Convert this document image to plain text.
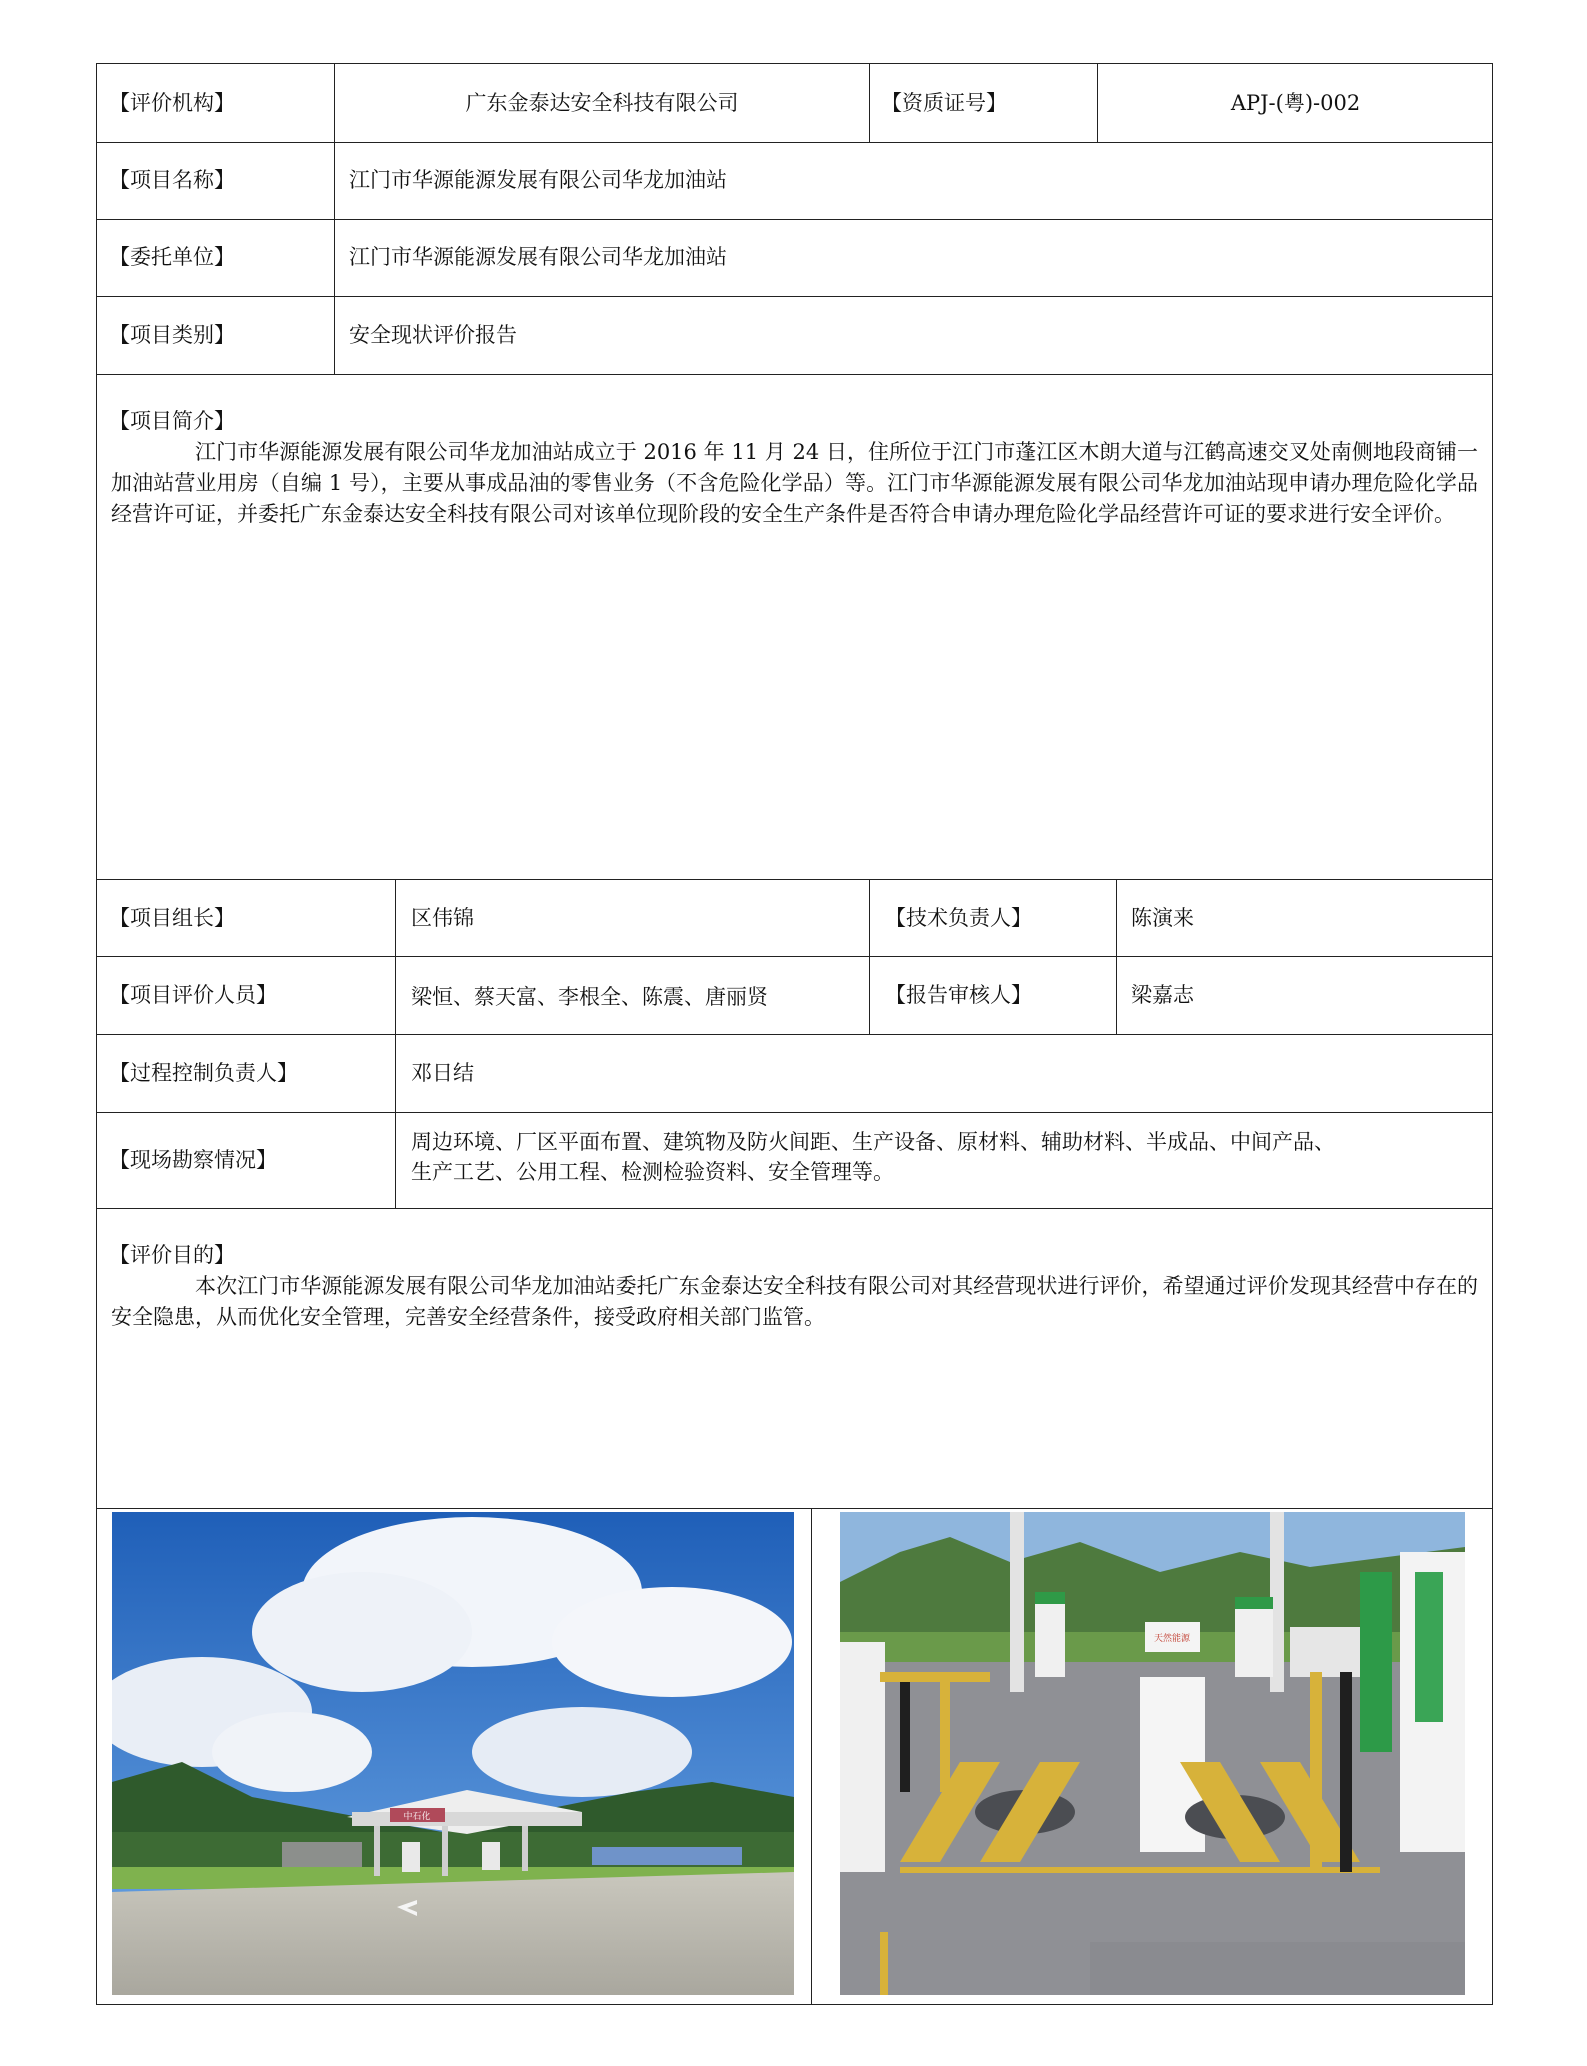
【评价机构】	广东金泰达安全科技有限公司	【资质证号】	APJ-(粤)-002
【项目名称】	江门市华源能源发展有限公司华龙加油站
【委托单位】	江门市华源能源发展有限公司华龙加油站
【项目类别】	安全现状评价报告
【项目简介】
江门市华源能源发展有限公司华龙加油站成立于 2016 年 11 月 24 日，住所位于江门市蓬江区木朗大道与江鹤高速交叉处南侧地段商铺一加油站营业用房（自编 1 号），主要从事成品油的零售业务（不含危险化学品）等。江门市华源能源发展有限公司华龙加油站现申请办理危险化学品经营许可证，并委托广东金泰达安全科技有限公司对该单位现阶段的安全生产条件是否符合申请办理危险化学品经营许可证的要求进行安全评价。
【项目组长】	区伟锦	【技术负责人】	陈演来
【项目评价人员】	梁恒、蔡天富、李根全、陈震、唐丽贤	【报告审核人】	梁嘉志
【过程控制负责人】	邓日结
【现场勘察情况】
周边环境、厂区平面布置、建筑物及防火间距、生产设备、原材料、辅助材料、半成品、中间产品、
生产工艺、公用工程、检测检验资料、安全管理等。
【评价目的】
本次江门市华源能源发展有限公司华龙加油站委托广东金泰达安全科技有限公司对其经营现状进行评价，希望通过评价发现其经营中存在的安全隐患，从而优化安全管理，完善安全经营条件，接受政府相关部门监管。
中石化
天然能源
